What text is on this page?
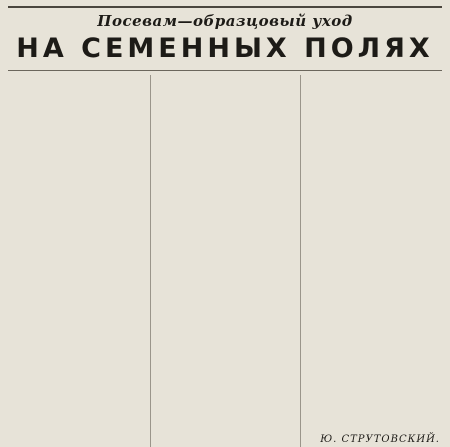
Посевам—образцовый уход
НА СЕМЕННЫХ ПОЛЯХ
Ю. СТРУТОВСКИЙ.
